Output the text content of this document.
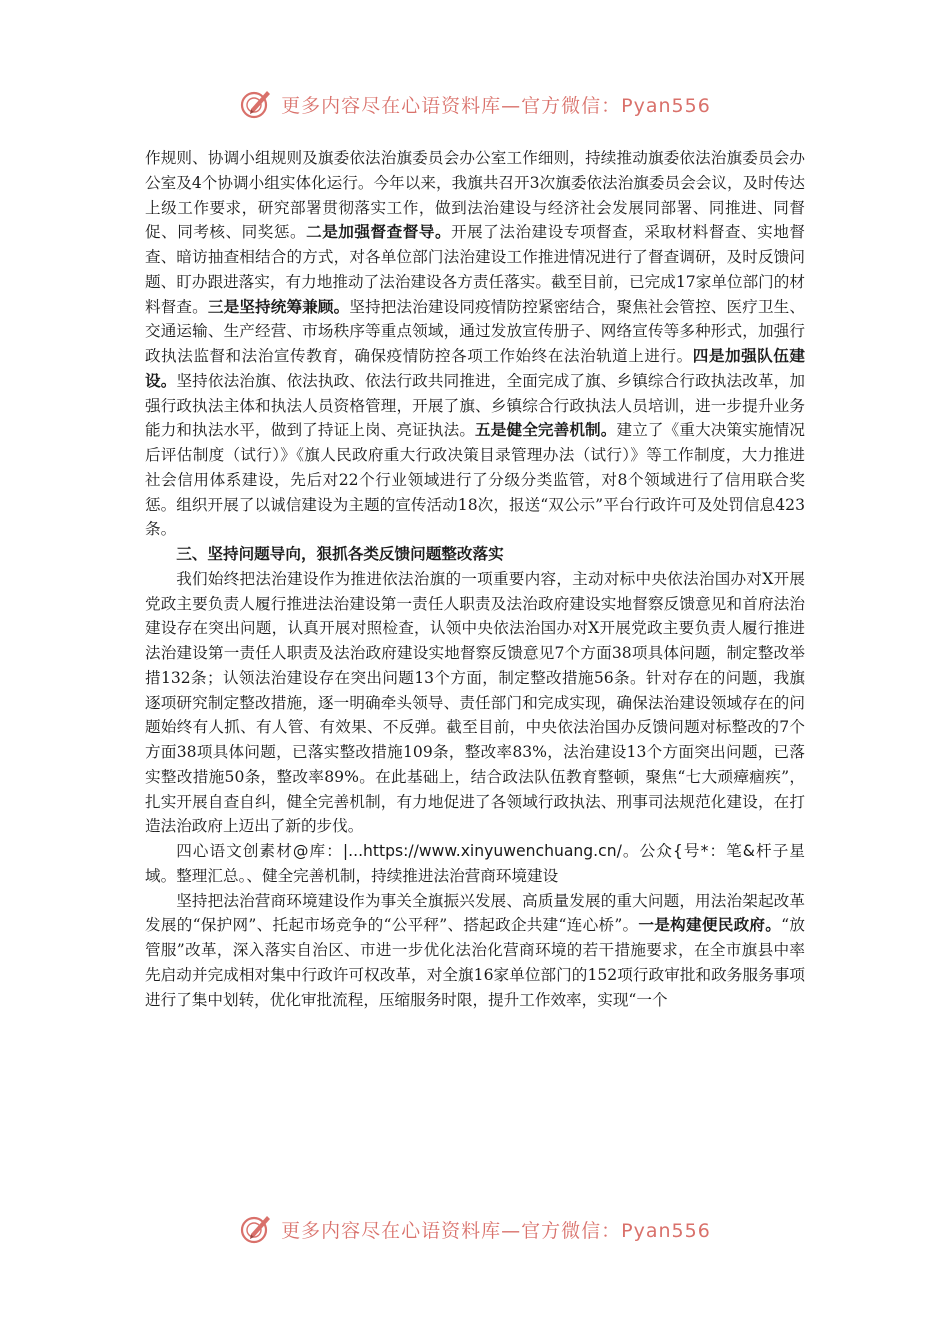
更多内容尽在心语资料库—官方微信：Pyan556

作规则、协调小组规则及旗委依法治旗委员会办公室工作细则，持续推动旗委依法治旗委员会办公室及4个协调小组实体化运行。今年以来，我旗共召开3次旗委依法治旗委员会会议，及时传达上级工作要求，研究部署贯彻落实工作，做到法治建设与经济社会发展同部署、同推进、同督促、同考核、同奖惩。二是加强督查督导。开展了法治建设专项督查，采取材料督查、实地督查、暗访抽查相结合的方式，对各单位部门法治建设工作推进情况进行了督查调研，及时反馈问题、盯办跟进落实，有力地推动了法治建设各方责任落实。截至目前，已完成17家单位部门的材料督查。三是坚持统筹兼顾。坚持把法治建设同疫情防控紧密结合，聚焦社会管控、医疗卫生、交通运输、生产经营、市场秩序等重点领域，通过发放宣传册子、网络宣传等多种形式，加强行政执法监督和法治宣传教育，确保疫情防控各项工作始终在法治轨道上进行。四是加强队伍建设。坚持依法治旗、依法执政、依法行政共同推进，全面完成了旗、乡镇综合行政执法改革，加强行政执法主体和执法人员资格管理，开展了旗、乡镇综合行政执法人员培训，进一步提升业务能力和执法水平，做到了持证上岗、亮证执法。五是健全完善机制。建立了《重大决策实施情况后评估制度（试行）》《旗人民政府重大行政决策目录管理办法（试行）》等工作制度，大力推进社会信用体系建设，先后对22个行业领域进行了分级分类监管，对8个领域进行了信用联合奖惩。组织开展了以诚信建设为主题的宣传活动18次，报送“双公示”平台行政许可及处罚信息423条。

三、坚持问题导向，狠抓各类反馈问题整改落实

我们始终把法治建设作为推进依法治旗的一项重要内容，主动对标中央依法治国办对X开展党政主要负责人履行推进法治建设第一责任人职责及法治政府建设实地督察反馈意见和首府法治建设存在突出问题，认真开展对照检查，认领中央依法治国办对X开展党政主要负责人履行推进法治建设第一责任人职责及法治政府建设实地督察反馈意见7个方面38项具体问题，制定整改举措132条；认领法治建设存在突出问题13个方面，制定整改措施56条。针对存在的问题，我旗逐项研究制定整改措施，逐一明确牵头领导、责任部门和完成实现，确保法治建设领域存在的问题始终有人抓、有人管、有效果、不反弹。截至目前，中央依法治国办反馈问题对标整改的7个方面38项具体问题，已落实整改措施109条，整改率83%，法治建设13个方面突出问题，已落实整改措施50条，整改率89%。在此基础上，结合政法队伍教育整顿，聚焦“七大顽瘴痼疾”，扎实开展自查自纠，健全完善机制，有力地促进了各领域行政执法、刑事司法规范化建设，在打造法治政府上迈出了新的步伐。

四心语文创素材@库：|...https://www.xinyuwenchuang.cn/。公众{号*：笔&杆子星域。整理汇总。、健全完善机制，持续推进法治营商环境建设

坚持把法治营商环境建设作为事关全旗振兴发展、高质量发展的重大问题，用法治架起改革发展的“保护网”、托起市场竞争的“公平秤”、搭起政企共建“连心桥”。一是构建便民政府。“放管服”改革，深入落实自治区、市进一步优化法治化营商环境的若干措施要求，在全市旗县中率先启动并完成相对集中行政许可权改革，对全旗16家单位部门的152项行政审批和政务服务事项进行了集中划转，优化审批流程，压缩服务时限，提升工作效率，实现“一个

更多内容尽在心语资料库—官方微信：Pyan556
